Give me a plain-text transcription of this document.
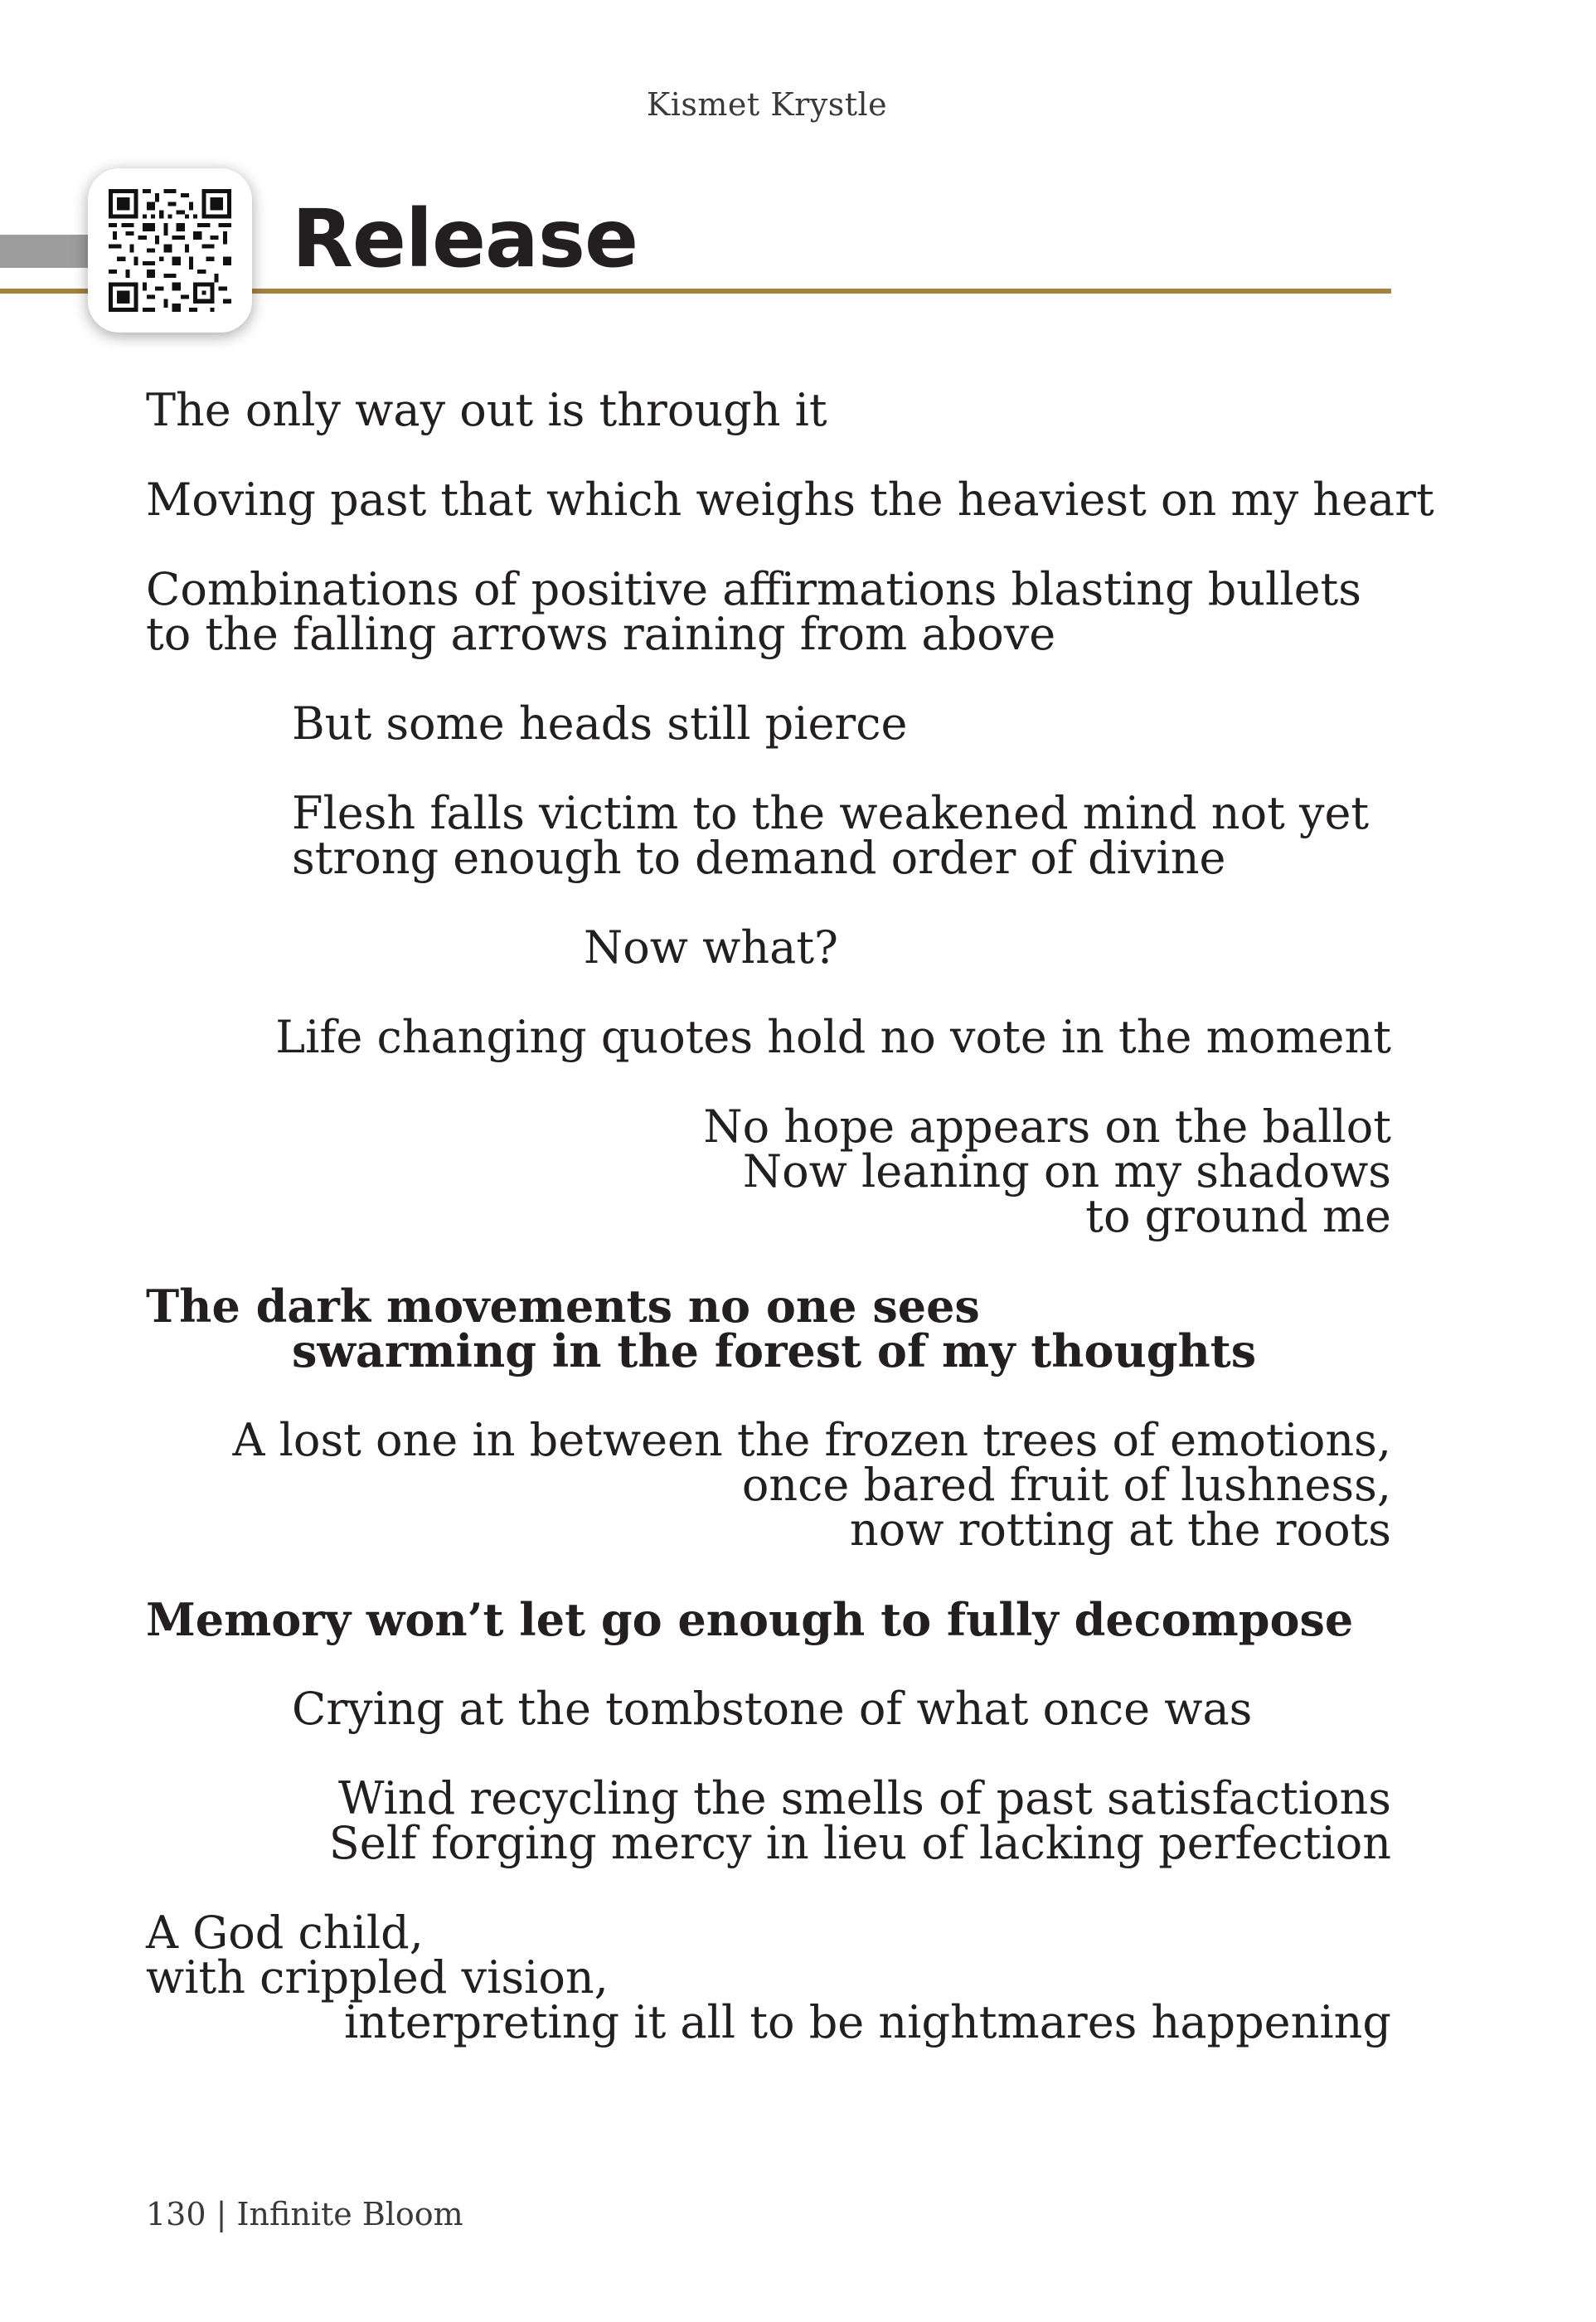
Kismet Krystle
Release
The only way out is through it
Moving past that which weighs the heaviest on my heart
Combinations of positive affirmations blasting bullets
to the falling arrows raining from above
But some heads still pierce
Flesh falls victim to the weakened mind not yet
strong enough to demand order of divine
Now what?
Life changing quotes hold no vote in the moment
No hope appears on the ballot
Now leaning on my shadows
to ground me
The dark movements no one sees
swarming in the forest of my thoughts
A lost one in between the frozen trees of emotions,
once bared fruit of lushness,
now rotting at the roots
Memory won’t let go enough to fully decompose
Crying at the tombstone of what once was
Wind recycling the smells of past satisfactions
Self forging mercy in lieu of lacking perfection
A God child,
with crippled vision,
interpreting it all to be nightmares happening
130 | Infinite Bloom
